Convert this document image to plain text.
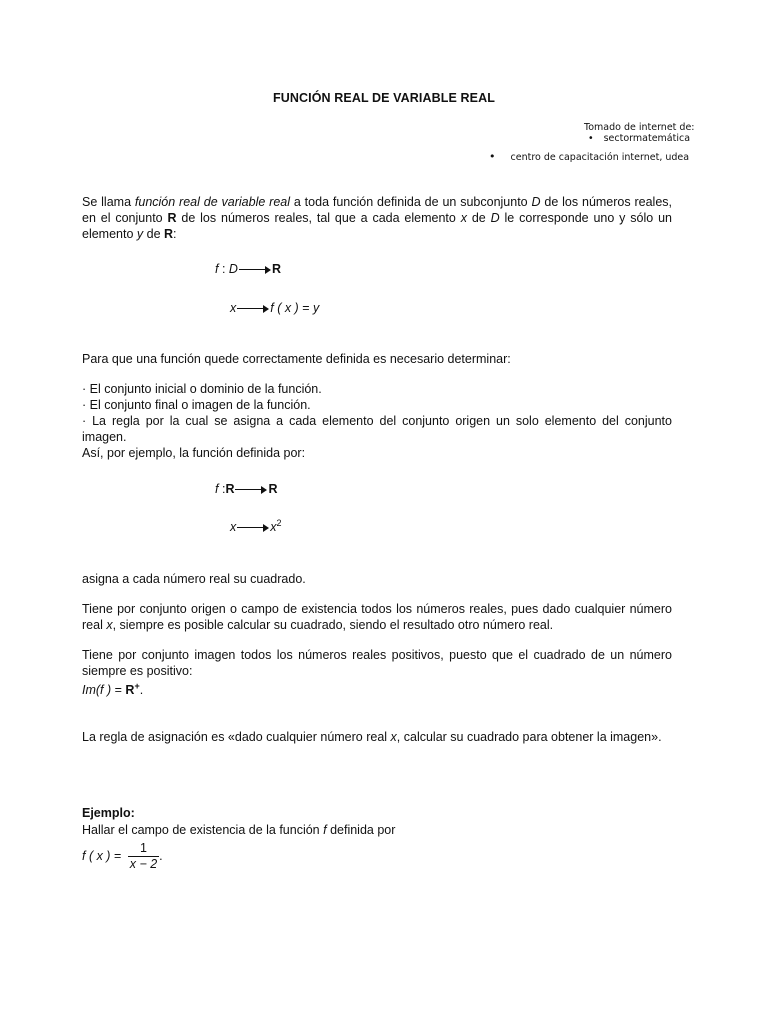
FUNCIÓN REAL DE VARIABLE REAL
Tomado de internet de:
• sectormatemática
• centro de capacitación internet, udea
Se llama función real de variable real a toda función definida de un subconjunto D de los números reales, en el conjunto R de los números reales, tal que a cada elemento x de D le corresponde uno y sólo un elemento y de R:
f : D	R
x	f ( x ) = y
Para que una función quede correctamente definida es necesario determinar:
· El conjunto inicial o dominio de la función.
· El conjunto final o imagen de la función.
· La regla por la cual se asigna a cada elemento del conjunto origen un solo elemento del conjunto imagen.
Así, por ejemplo, la función definida por:
f :R	R
x	$x^2$
asigna a cada número real su cuadrado.
Tiene por conjunto origen o campo de existencia todos los números reales, pues dado cualquier número real x, siempre es posible calcular su cuadrado, siendo el resultado otro número real.
Tiene por conjunto imagen todos los números reales positivos, puesto que el cuadrado de un número siempre es positivo:
Im(f ) = R+.
La regla de asignación es «dado cualquier número real x, calcular su cuadrado para obtener la imagen».
Ejemplo:
Hallar el campo de existencia de la función f definida por
f ( x ) = $\frac{1}{x - 2}$ .
